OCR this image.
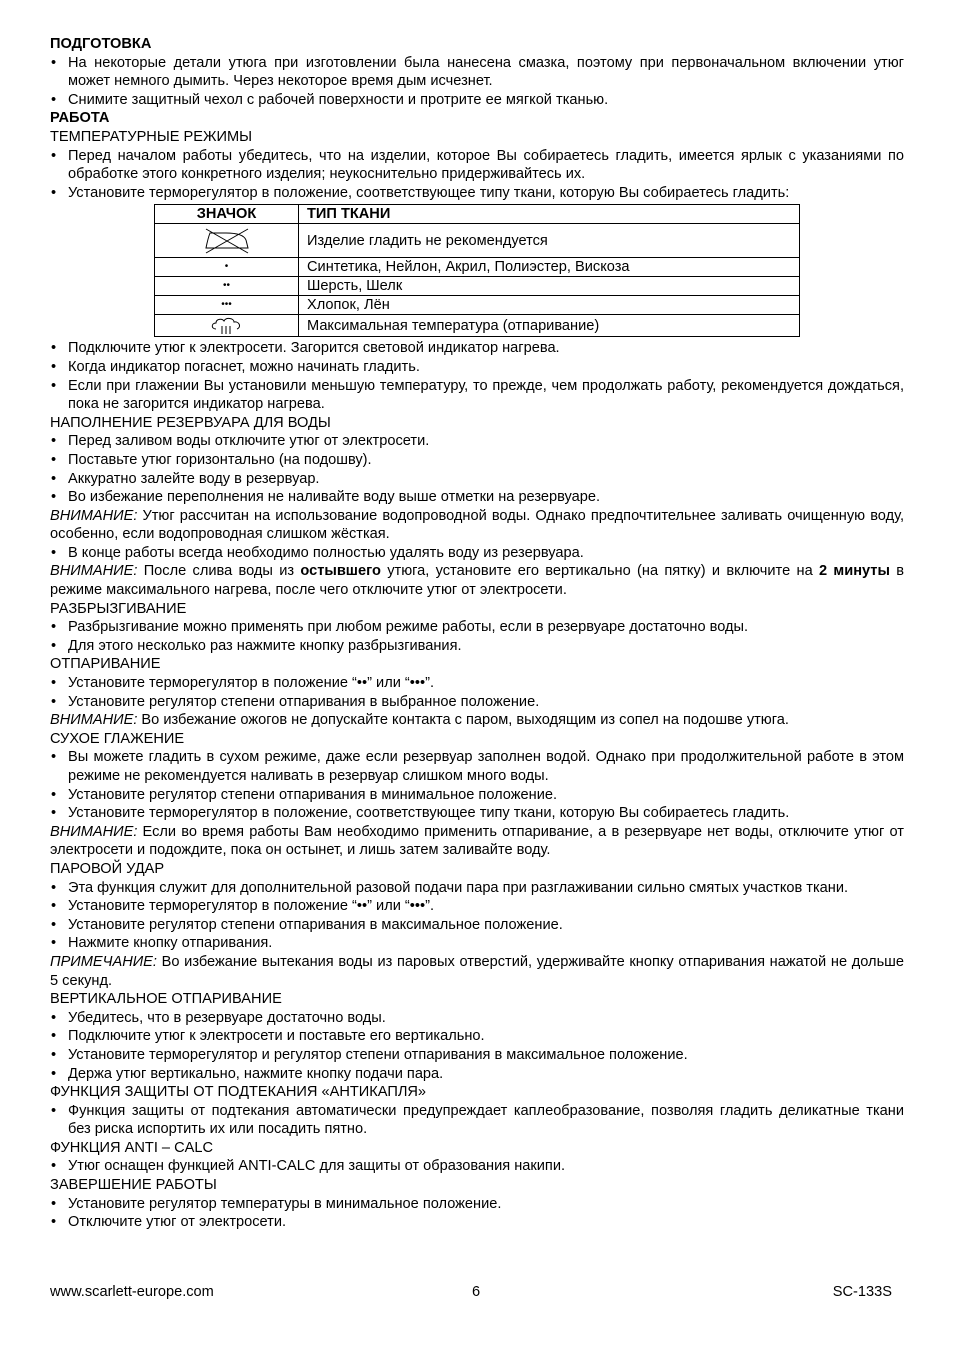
ПОДГОТОВКА
• На некоторые детали утюга при изготовлении была нанесена смазка, поэтому при первоначальном включении утюг может немного дымить. Через некоторое время дым исчезнет.
• Снимите защитный чехол с рабочей поверхности и протрите ее мягкой тканью.
РАБОТА
ТЕМПЕРАТУРНЫЕ РЕЖИМЫ
• Перед началом работы убедитесь, что на изделии, которое Вы собираетесь гладить, имеется ярлык с указаниями по обработке этого конкретного изделия; неукоснительно придерживайтесь их.
• Установите терморегулятор в положение, соответствующее типу ткани, которую Вы собираетесь гладить:
ЗНАЧОК	ТИП ТКАНИ

	Изделие гладить не рекомендуется
•	Синтетика, Нейлон, Акрил, Полиэстер, Вискоза
••	Шерсть, Шелк
•••	Хлопок, Лён

	Максимальная температура (отпаривание)
• Подключите утюг к электросети. Загорится световой индикатор нагрева.
• Когда индикатор погаснет, можно начинать гладить.
• Если при глажении Вы установили меньшую температуру, то прежде, чем продолжать работу, рекомендуется дождаться, пока не загорится индикатор нагрева.
НАПОЛНЕНИЕ РЕЗЕРВУАРА ДЛЯ ВОДЫ
• Перед заливом воды отключите утюг от электросети.
• Поставьте утюг горизонтально (на подошву).
• Аккуратно залейте воду в резервуар.
• Во избежание переполнения не наливайте воду выше отметки на резервуаре.

ВНИМАНИЕ: Утюг рассчитан на использование водопроводной воды. Однако предпочтительнее заливать очищенную воду, особенно, если водопроводная слишком жёсткая.

• В конце работы всегда необходимо полностью удалять воду из резервуара.

ВНИМАНИЕ: После слива воды из остывшего утюга, установите его вертикально (на пятку) и включите на 2 минуты в режиме максимального нагрева, после чего отключите утюг от электросети.

РАЗБРЫЗГИВАНИЕ
• Разбрызгивание можно применять при любом режиме работы, если в резервуаре достаточно воды.
• Для этого несколько раз нажмите кнопку разбрызгивания.
ОТПАРИВАНИЕ
• Установите терморегулятор в положение “••” или “•••”.
• Установите регулятор степени отпаривания в выбранное положение.

ВНИМАНИЕ: Во избежание ожогов не допускайте контакта с паром, выходящим из сопел на подошве утюга.

СУХОЕ ГЛАЖЕНИЕ
• Вы можете гладить в сухом режиме, даже если резервуар заполнен водой. Однако при продолжительной работе в этом режиме не рекомендуется наливать в резервуар слишком много воды.
• Установите регулятор степени отпаривания в минимальное положение.
• Установите терморегулятор в положение, соответствующее типу ткани, которую Вы собираетесь гладить.

ВНИМАНИЕ: Если во время работы Вам необходимо применить отпаривание, а в резервуаре нет воды, отключите утюг от электросети и подождите, пока он остынет, и лишь затем заливайте воду.

ПАРОВОЙ УДАР
• Эта функция служит для дополнительной разовой подачи пара при разглаживании сильно смятых участков ткани.
• Установите терморегулятор в положение “••” или “•••”.
• Установите регулятор степени отпаривания в максимальное положение.
• Нажмите кнопку отпаривания.

ПРИМЕЧАНИЕ: Во избежание вытекания воды из паровых отверстий, удерживайте кнопку отпаривания нажатой не дольше 5 секунд.

ВЕРТИКАЛЬНОЕ ОТПАРИВАНИЕ
• Убедитесь, что в резервуаре достаточно воды.
• Подключите утюг к электросети и поставьте его вертикально.
• Установите терморегулятор и регулятор степени отпаривания в максимальное положение.
• Держа утюг вертикально, нажмите кнопку подачи пара.
ФУНКЦИЯ ЗАЩИТЫ ОТ ПОДТЕКАНИЯ «АНТИКАПЛЯ»
• Функция защиты от подтекания автоматически предупреждает каплеобразование, позволяя гладить деликатные ткани без риска испортить их или посадить пятно.
ФУНКЦИЯ ANTI – CALC
• Утюг оснащен функцией ANTI-CALC для защиты от образования накипи.
ЗАВЕРШЕНИЕ РАБОТЫ
• Установите регулятор температуры в минимальное положение.
• Отключите утюг от электросети.
www.scarlett-europe.com	6	SC-133S
